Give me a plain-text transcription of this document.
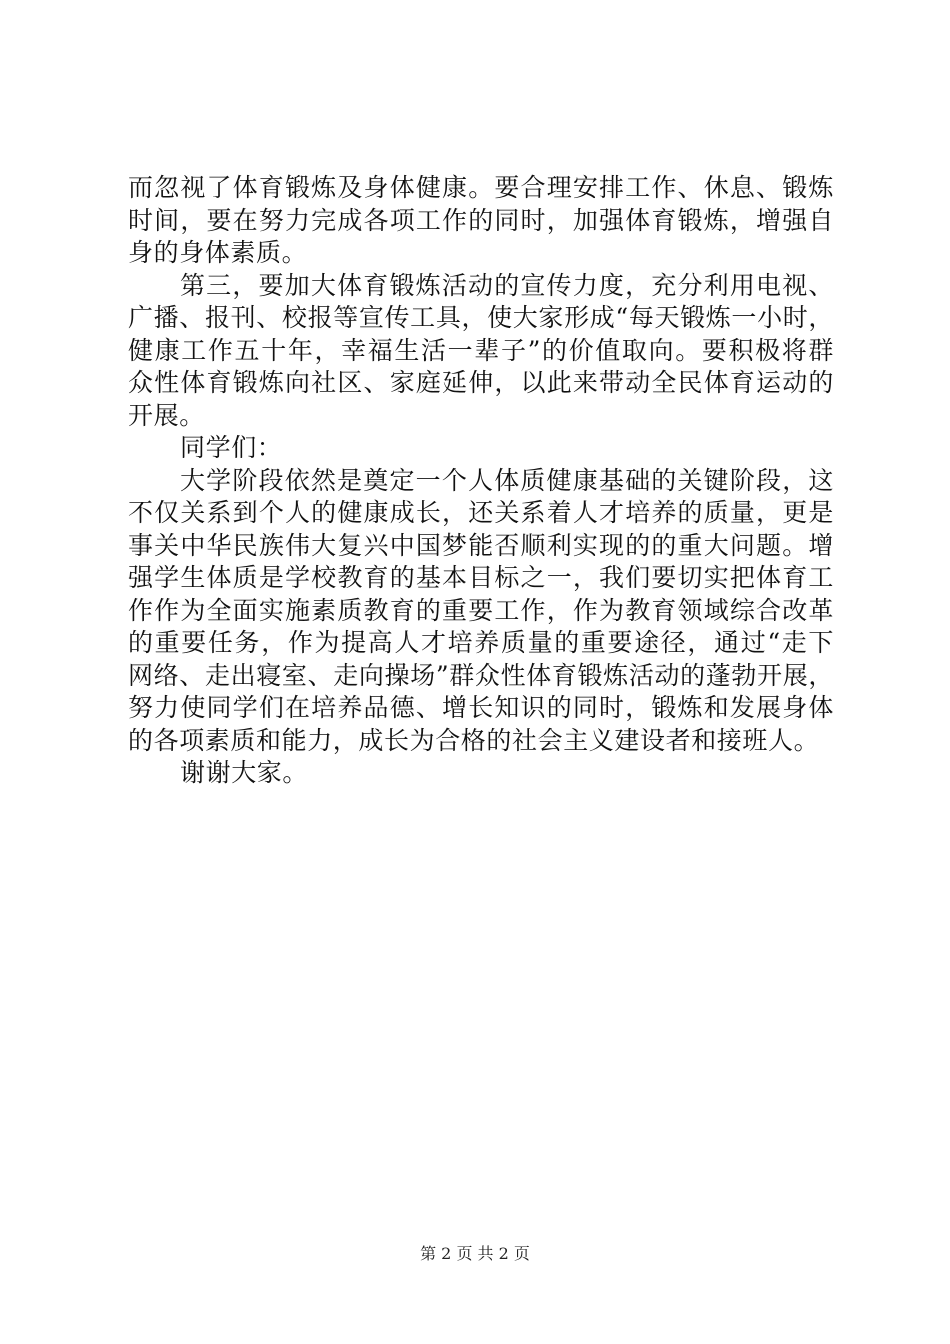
而忽视了体育锻炼及身体健康。要合理安排工作、休息、锻炼
时间，要在努力完成各项工作的同时，加强体育锻炼，增强自
身的身体素质。
第三，要加大体育锻炼活动的宣传力度，充分利用电视、
广播、报刊、校报等宣传工具，使大家形成“每天锻炼一小时，
健康工作五十年，幸福生活一辈子”的价值取向。要积极将群
众性体育锻炼向社区、家庭延伸，以此来带动全民体育运动的
开展。
同学们：
大学阶段依然是奠定一个人体质健康基础的关键阶段，这
不仅关系到个人的健康成长，还关系着人才培养的质量，更是
事关中华民族伟大复兴中国梦能否顺利实现的的重大问题。增
强学生体质是学校教育的基本目标之一，我们要切实把体育工
作作为全面实施素质教育的重要工作，作为教育领域综合改革
的重要任务，作为提高人才培养质量的重要途径，通过“走下
网络、走出寝室、走向操场”群众性体育锻炼活动的蓬勃开展，
努力使同学们在培养品德、增长知识的同时，锻炼和发展身体
的各项素质和能力，成长为合格的社会主义建设者和接班人。
谢谢大家。
第 2 页 共 2 页
